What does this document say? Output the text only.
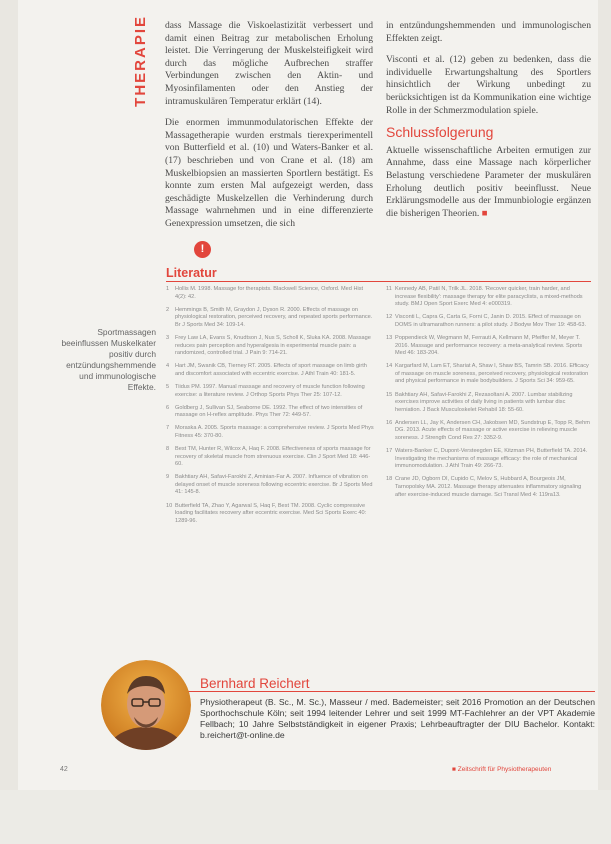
THERAPIE dass Massage die Viskoelastizität verbessert und damit einen Beitrag zur metabolischen Erholung leistet. Die Verringerung der Muskelsteifigkeit wird durch das mögliche Aufbrechen straffer Verbindungen zwischen den Aktin- und Myosinfilamenten oder den Anstieg der intramuskulären Temperatur erklärt (14).

Die enormen immunmodulatorischen Effekte der Massagetherapie wurden erstmals tierexperimentell von Butterfield et al. (10) und Waters-Banker et al. (17) beschrieben und von Crane et al. (18) am Muskelbiopsien an massierten Sportlern bestätigt. Es konnte zum ersten Mal aufgezeigt werden, dass geschädigte Muskelzellen die Verhinderung durch Massage wahrnehmen und in eine differenzierte Genexpression umsetzen, die sich

in entzündungshemmenden und immunologischen Effekten zeigt.

Visconti et al. (12) geben zu bedenken, dass die individuelle Erwartungshaltung des Sportlers hinsichtlich der Wirkung unbedingt zu berücksichtigen ist da Kommunikation eine wichtige Rolle in der Schmerzmodulation spiele.

Schlussfolgerung

Aktuelle wissenschaftliche Arbeiten ermutigen zur Annahme, dass eine Massage nach körperlicher Belastung verschiedene Parameter der muskulären Erholung deutlich positiv beeinflusst. Neue Erklärungsmodelle aus der Immunbiologie ergänzen die bisherigen Theorien. ■

!
Literatur
Sportmassagen beeinflussen Muskelkater positiv durch entzündungshemmende und immunologische Effekte.
1	Hollis M. 1998. Massage for therapists. Blackwell Science, Oxford. Med Hist 4(2): 42.
2	Hemmings B, Smith M, Graydon J, Dyson R. 2000. Effects of massage on physiological restoration, perceived recovery, and repeated sports performance. Br J Sports Med 34: 109-14.
3	Frey Law LA, Evans S, Knudtson J, Nus S, Scholl K, Sluka KA. 2008. Massage reduces pain perception and hyperalgesia in experimental muscle pain: a randomized, controlled trial. J Pain 9: 714-21.
4	Hart JM, Swanik CB, Tierney RT. 2005. Effects of sport massage on limb girth and discomfort associated with eccentric exercise. J Athl Train 40: 181-5.
5	Tiidus PM. 1997. Manual massage and recovery of muscle function following exercise: a literature review. J Orthop Sports Phys Ther 25: 107-12.
6	Goldberg J, Sullivan SJ, Seaborne DE. 1992. The effect of two intensities of massage on H-reflex amplitude. Phys Ther 72: 449-57.
7	Moraska A. 2005. Sports massage: a comprehensive review. J Sports Med Phys Fitness 45: 370-80.
8	Best TM, Hunter R, Wilcox A, Haq F. 2008. Effectiveness of sports massage for recovery of skeletal muscle from strenuous exercise. Clin J Sport Med 18: 446-60.
9	Bakhtiary AH, Safavi-Farokhi Z, Aminian-Far A. 2007. Influence of vibration on delayed onset of muscle soreness following eccentric exercise. Br J Sports Med 41: 145-8.
10 Butterfield TA, Zhao Y, Agarwal S, Haq F, Best TM. 2008. Cyclic compressive loading facilitates recovery after eccentric exercise. Med Sci Sports Exerc 40: 1289-96.
11 Kennedy AB, Patil N, Trilk JL. 2018. 'Recover quicker, train harder, and increase flexibility': massage therapy for elite paracyclists, a mixed-methods study. BMJ Open Sport Exerc Med 4: e000319.
12 Visconti L, Capra G, Carta G, Forni C, Janin D. 2015. Effect of massage on DOMS in ultramarathon runners: a pilot study. J Bodyw Mov Ther 19: 458-63.
13 Poppendieck W, Wegmann M, Ferrauti A, Kellmann M, Pfeiffer M, Meyer T. 2016. Massage and performance recovery: a meta-analytical review. Sports Med 46: 183-204.
14 Kargarfard M, Lam ET, Shariat A, Shaw I, Shaw BS, Tamrin SB. 2016. Efficacy of massage on muscle soreness, perceived recovery, physiological restoration and physical performance in male bodybuilders. J Sports Sci 34: 959-65.
15 Bakhtiary AH, Safavi-Farokhi Z, Rezasoltani A. 2007. Lumbar stabilizing exercises improve activities of daily living in patients with lumbar disc herniation. J Back Musculoskelet Rehabil 18: 55-60.
16 Andersen LL, Jay K, Andersen CH, Jakobsen MD, Sundstrup E, Topp R, Behm DG. 2013. Acute effects of massage or active exercise in relieving muscle soreness. J Strength Cond Res 27: 3352-9.
17 Waters-Banker C, Dupont-Versteegden EE, Kitzman PH, Butterfield TA. 2014. Investigating the mechanisms of massage efficacy: the role of mechanical immunomodulation. J Athl Train 49: 266-73.
18 Crane JD, Ogborn DI, Cupido C, Melov S, Hubbard A, Bourgeois JM, Tarnopolsky MA. 2012. Massage therapy attenuates inflammatory signaling after exercise-induced muscle damage. Sci Transl Med 4: 119ra13.
Bernhard Reichert
Physiotherapeut (B. Sc., M. Sc.), Masseur / med. Bademeister; seit 2016 Promotion an der Deutschen Sporthochschule Köln; seit 1994 leitender Lehrer und seit 1999 MT-Fachlehrer an der VPT Akademie Fellbach; 10 Jahre Selbstständigkeit in eigener Praxis; Lehrbeauftragter der DIU Bachelor. Kontakt: b.reichert@t-online.de
42	■ Zeitschrift für Physiotherapeuten
